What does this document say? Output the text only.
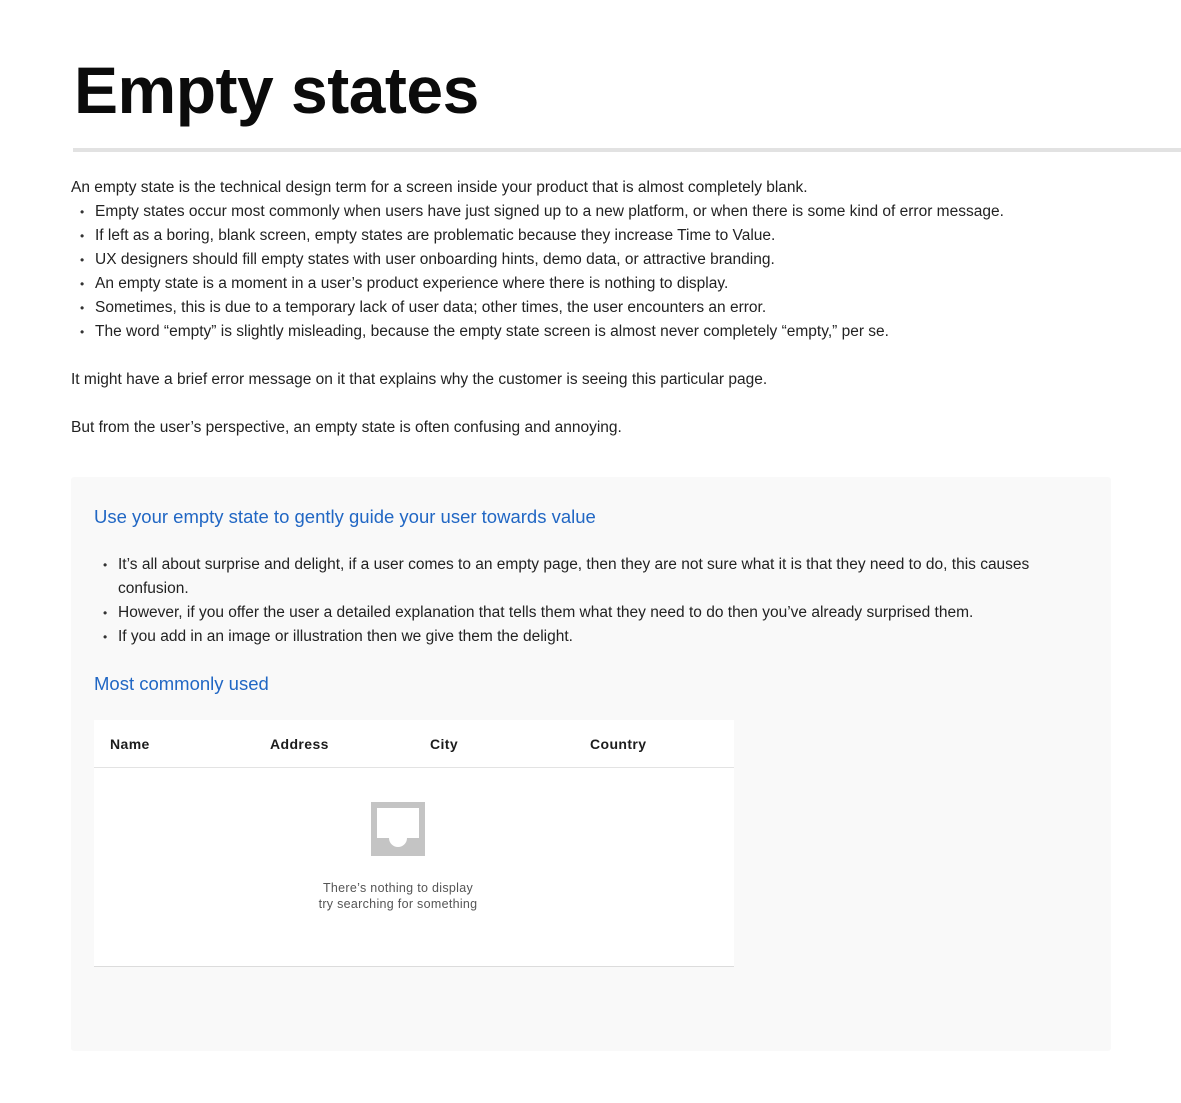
Empty states

An empty state is the technical design term for a screen inside your product that is almost completely blank.

• Empty states occur most commonly when users have just signed up to a new platform, or when there is some kind of error message.
• If left as a boring, blank screen, empty states are problematic because they increase Time to Value.
• UX designers should fill empty states with user onboarding hints, demo data, or attractive branding.
• An empty state is a moment in a user’s product experience where there is nothing to display.
• Sometimes, this is due to a temporary lack of user data; other times, the user encounters an error.
• The word “empty” is slightly misleading, because the empty state screen is almost never completely “empty,” per se.

It might have a brief error message on it that explains why the customer is seeing this particular page.

But from the user’s perspective, an empty state is often confusing and annoying.

Use your empty state to gently guide your user towards value
• It’s all about surprise and delight, if a user comes to an empty page, then they are not sure what it is that they need to do, this causes confusion.
• However, if you offer the user a detailed explanation that tells them what they need to do then you’ve already surprised them.
• If you add in an image or illustration then we give them the delight.
Most commonly used
Name	Address	City	Country
There’s nothing to display
try searching for something
